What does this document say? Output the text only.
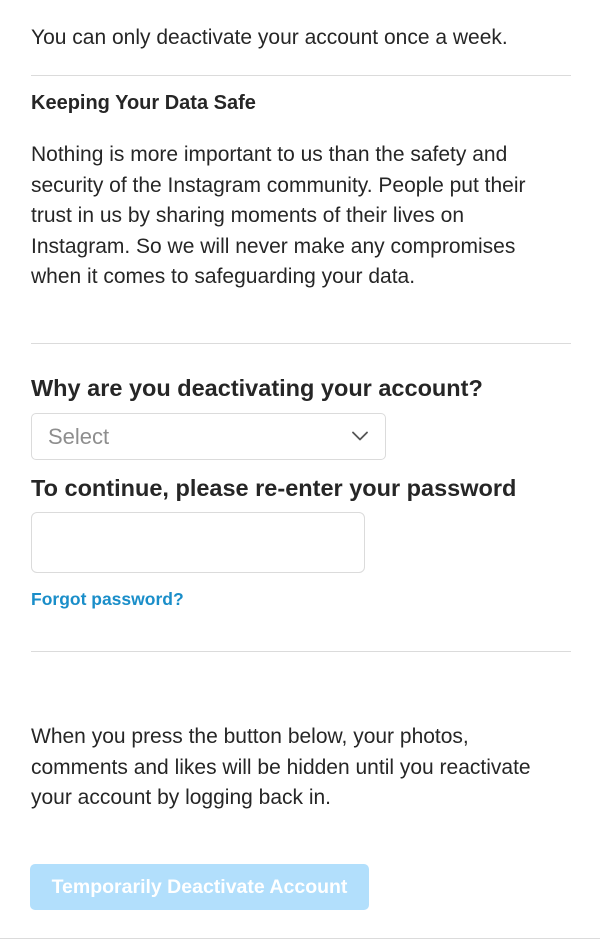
You can only deactivate your account once a week.
Keeping Your Data Safe
Nothing is more important to us than the safety and
security of the Instagram community. People put their
trust in us by sharing moments of their lives on
Instagram. So we will never make any compromises
when it comes to safeguarding your data.
Why are you deactivating your account?
Select
To continue, please re-enter your password
Forgot password?
When you press the button below, your photos,
comments and likes will be hidden until you reactivate
your account by logging back in.
Temporarily Deactivate Account
